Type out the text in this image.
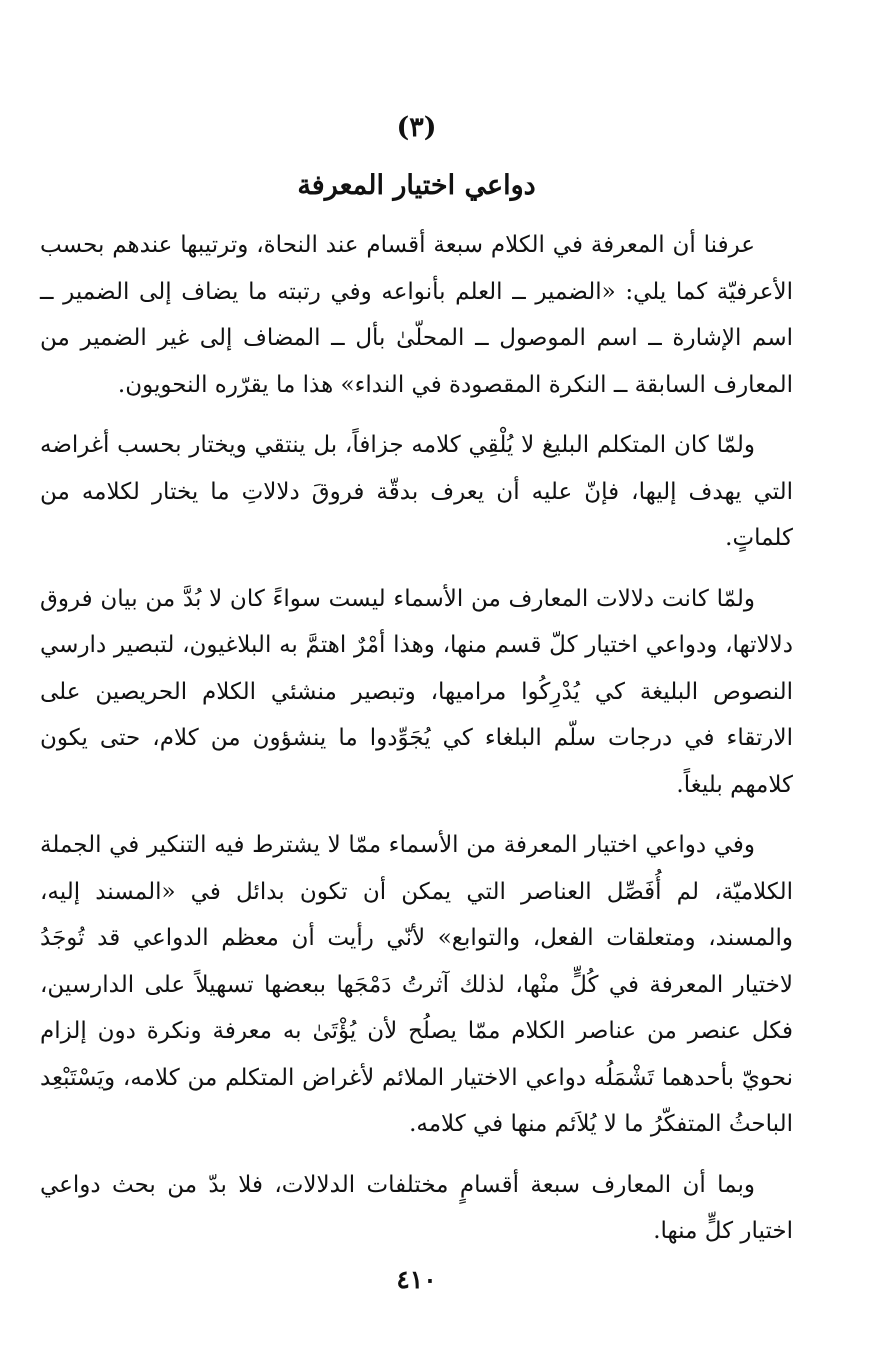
(٣)
دواعي اختيار المعرفة

عرفنا أن المعرفة في الكلام سبعة أقسام عند النحاة، وترتيبها عندهم بحسب الأعرفيّة كما يلي: «الضمير ــ العلم بأنواعه وفي رتبته ما يضاف إلى الضمير ــ اسم الإشارة ــ اسم الموصول ــ المحلّىٰ بأل ــ المضاف إلى غير الضمير من المعارف السابقة ــ النكرة المقصودة في النداء» هذا ما يقرّره النحويون.

ولمّا كان المتكلم البليغ لا يُلْقِي كلامه جزافاً، بل ينتقي ويختار بحسب أغراضه التي يهدف إليها، فإنّ عليه أن يعرف بدقّة فروقَ دلالاتِ ما يختار لكلامه من كلماتٍ.

ولمّا كانت دلالات المعارف من الأسماء ليست سواءً كان لا بُدَّ من بيان فروق دلالاتها، ودواعي اختيار كلّ قسم منها، وهذا أمْرٌ اهتمَّ به البلاغيون، لتبصير دارسي النصوص البليغة كي يُدْرِكُوا مراميها، وتبصير منشئي الكلام الحريصين على الارتقاء في درجات سلّم البلغاء كي يُجَوِّدوا ما ينشؤون من كلام، حتى يكون كلامهم بليغاً.

وفي دواعي اختيار المعرفة من الأسماء ممّا لا يشترط فيه التنكير في الجملة الكلاميّة، لم أُفَصِّل العناصر التي يمكن أن تكون بدائل في «المسند إليه، والمسند، ومتعلقات الفعل، والتوابع» لأنّي رأيت أن معظم الدواعي قد تُوجَدُ لاختيار المعرفة في كُلٍّ منْها، لذلك آثرتُ دَمْجَها ببعضها تسهيلاً على الدارسين، فكل عنصر من عناصر الكلام ممّا يصلُح لأن يُؤْتَىٰ به معرفة ونكرة دون إلزام نحويّ بأحدهما تَشْمَلُه دواعي الاختيار الملائم لأغراض المتكلم من كلامه، ويَسْتَبْعِد الباحثُ المتفكّرُ ما لا يُلاَئم منها في كلامه.

وبما أن المعارف سبعة أقسامٍ مختلفات الدلالات، فلا بدّ من بحث دواعي اختيار كلٍّ منها.

٤١٠
